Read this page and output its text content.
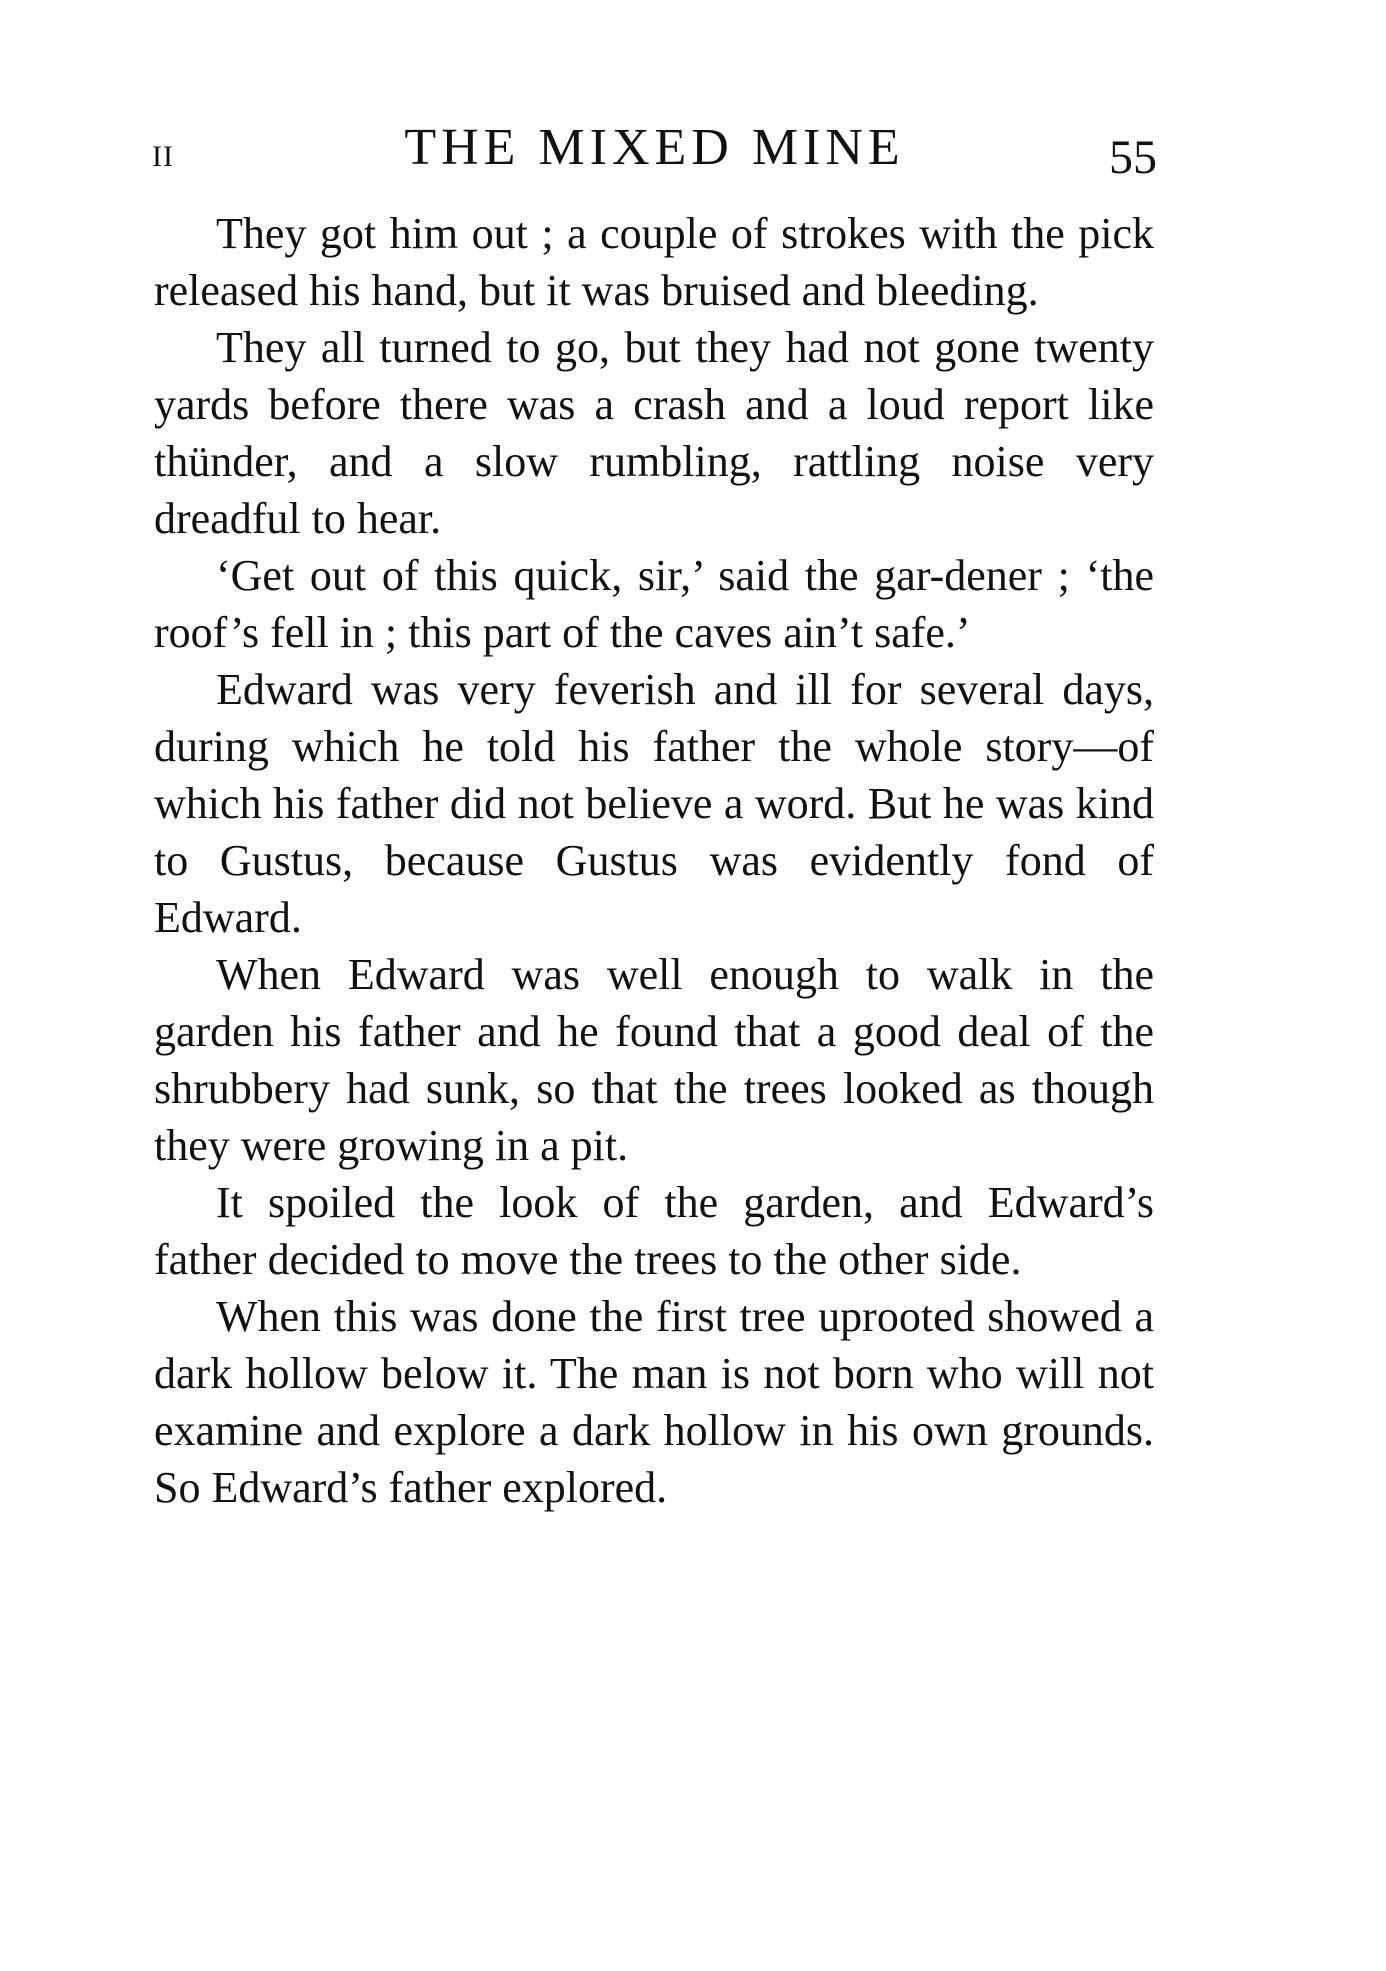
II	THE MIXED MINE	55

They got him out ; a couple of strokes with the pick released his hand, but it was bruised and bleeding.

They all turned to go, but they had not gone twenty yards before there was a crash and a loud report like thünder, and a slow rumbling, rattling noise very dreadful to hear.

‘Get out of this quick, sir,’ said the gar-dener ; ‘the roof’s fell in ; this part of the caves ain’t safe.’

Edward was very feverish and ill for several days, during which he told his father the whole story—of which his father did not believe a word. But he was kind to Gustus, because Gustus was evidently fond of Edward.

When Edward was well enough to walk in the garden his father and he found that a good deal of the shrubbery had sunk, so that the trees looked as though they were growing in a pit.

It spoiled the look of the garden, and Edward’s father decided to move the trees to the other side.

When this was done the first tree uprooted showed a dark hollow below it. The man is not born who will not examine and explore a dark hollow in his own grounds. So Edward’s father explored.
